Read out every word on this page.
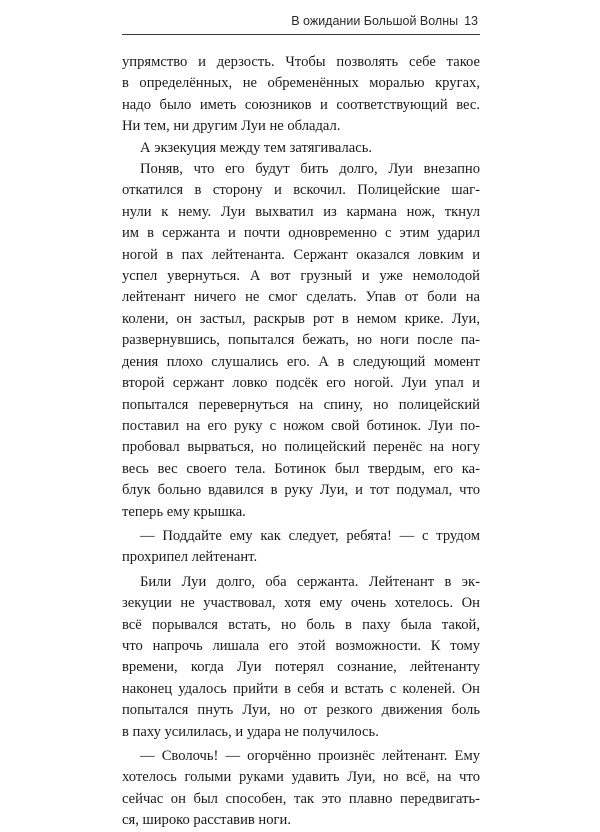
В ожидании Большой Волны 13
упрямство и дерзость. Чтобы позволять себе такое
в определённых, не обременённых моралью кругах,
надо было иметь союзников и соответствующий вес.
Ни тем, ни другим Луи не обладал.
А экзекуция между тем затягивалась.
Поняв, что его будут бить долго, Луи внезапно
откатился в сторону и вскочил. Полицейские шаг-
нули к нему. Луи выхватил из кармана нож, ткнул
им в сержанта и почти одновременно с этим ударил
ногой в пах лейтенанта. Сержант оказался ловким и
успел увернуться. А вот грузный и уже немолодой
лейтенант ничего не смог сделать. Упав от боли на
колени, он застыл, раскрыв рот в немом крике. Луи,
развернувшись, попытался бежать, но ноги после па-
дения плохо слушались его. А в следующий момент
второй сержант ловко подсёк его ногой. Луи упал и
попытался перевернуться на спину, но полицейский
поставил на его руку с ножом свой ботинок. Луи по-
пробовал вырваться, но полицейский перенёс на ногу
весь вес своего тела. Ботинок был твердым, его ка-
блук больно вдавился в руку Луи, и тот подумал, что
теперь ему крышка.
— Поддайте ему как следует, ребята! — с трудом
прохрипел лейтенант.
Били Луи долго, оба сержанта. Лейтенант в эк-
зекуции не участвовал, хотя ему очень хотелось. Он
всё порывался встать, но боль в паху была такой,
что напрочь лишала его этой возможности. К тому
времени, когда Луи потерял сознание, лейтенанту
наконец удалось прийти в себя и встать с коленей. Он
попытался пнуть Луи, но от резкого движения боль
в паху усилилась, и удара не получилось.
— Сволочь! — огорчённо произнёс лейтенант. Ему
хотелось голыми руками удавить Луи, но всё, на что
сейчас он был способен, так это плавно передвигать-
ся, широко расставив ноги.
